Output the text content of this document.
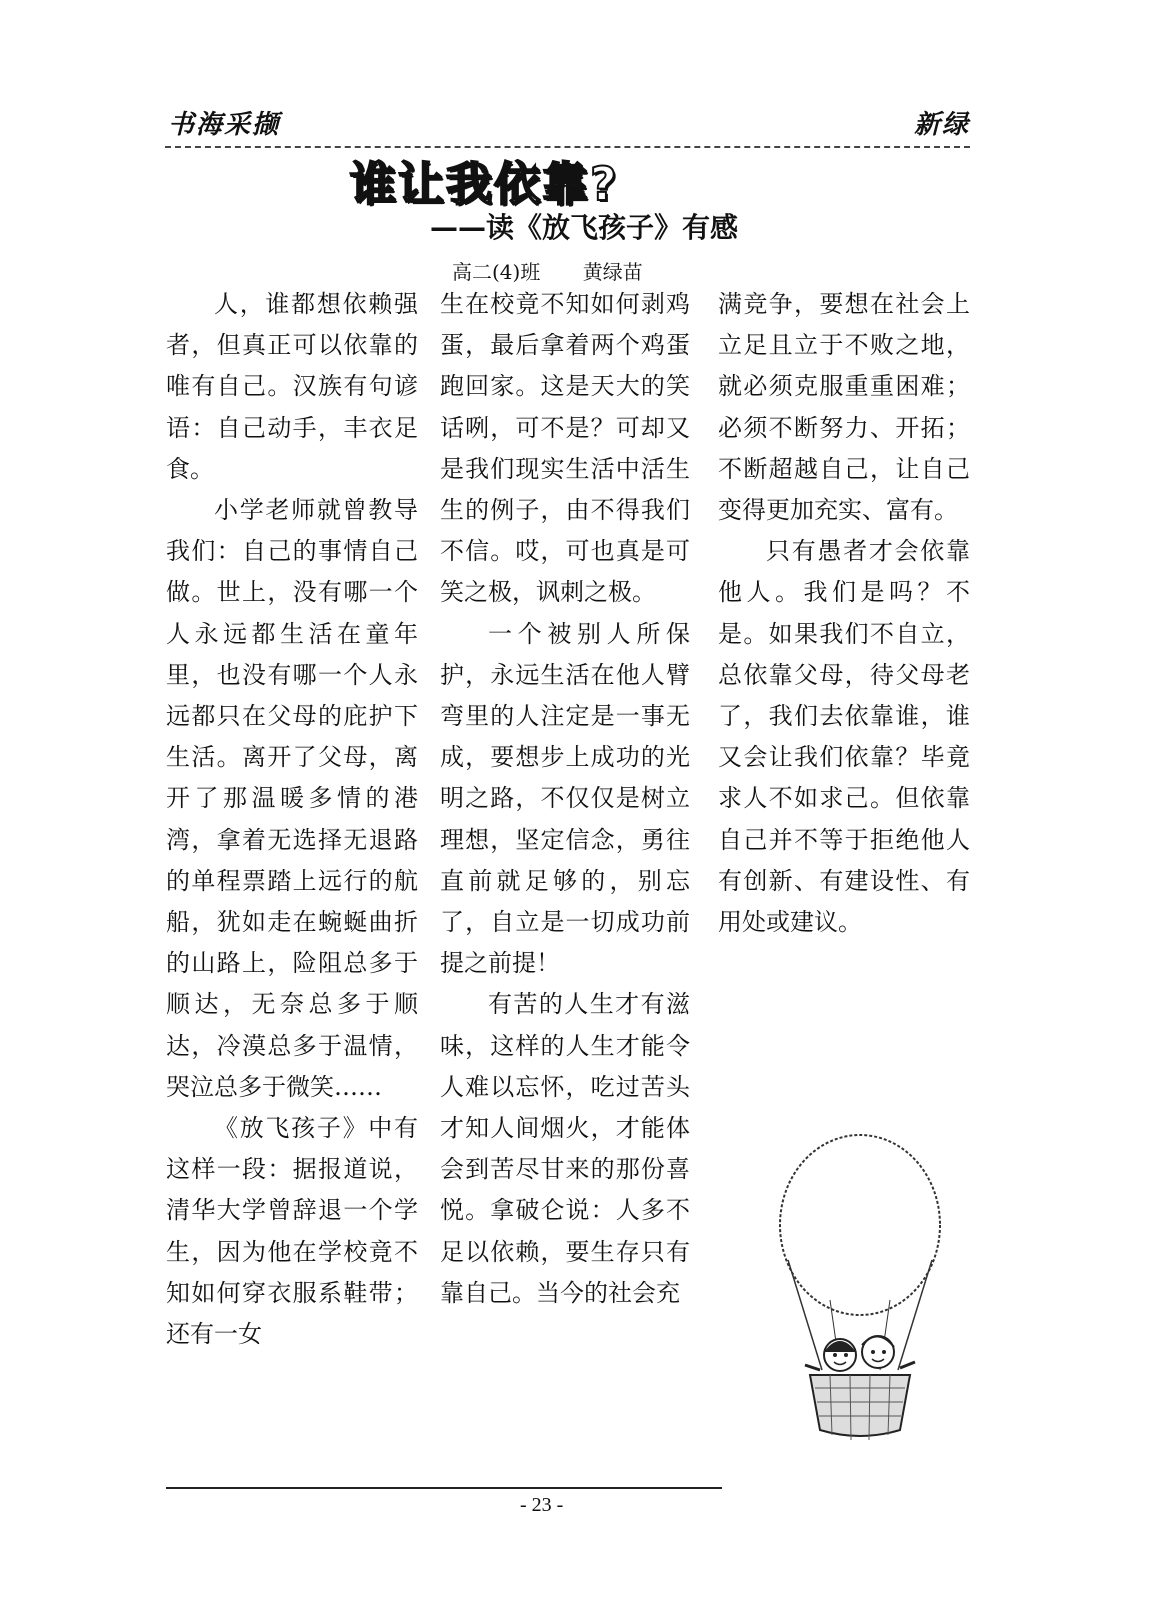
书海采撷	新绿
谁让我依靠?
——读《放飞孩子》有感
高二(4)班 黄绿苗

人，谁都想依赖强者，但真正可以依靠的唯有自己。汉族有句谚语：自己动手，丰衣足食。

小学老师就曾教导我们：自己的事情自己做。世上，没有哪一个人永远都生活在童年里，也没有哪一个人永远都只在父母的庇护下生活。离开了父母，离开了那温暖多情的港湾，拿着无选择无退路的单程票踏上远行的航船，犹如走在蜿蜒曲折的山路上，险阻总多于顺达，无奈总多于顺达，冷漠总多于温情，哭泣总多于微笑……

《放飞孩子》中有这样一段：据报道说，清华大学曾辞退一个学生，因为他在学校竟不知如何穿衣服系鞋带；还有一女

生在校竟不知如何剥鸡蛋，最后拿着两个鸡蛋跑回家。这是天大的笑话咧，可不是？可却又是我们现实生活中活生生的例子，由不得我们不信。哎，可也真是可笑之极，讽刺之极。

一个被别人所保护，永远生活在他人臂弯里的人注定是一事无成，要想步上成功的光明之路，不仅仅是树立理想，坚定信念，勇往直前就足够的，别忘了，自立是一切成功前提之前提！

有苦的人生才有滋味，这样的人生才能令人难以忘怀，吃过苦头才知人间烟火，才能体会到苦尽甘来的那份喜悦。拿破仑说：人多不足以依赖，要生存只有靠自己。当今的社会充

满竞争，要想在社会上立足且立于不败之地，就必须克服重重困难；必须不断努力、开拓；不断超越自己，让自己变得更加充实、富有。

只有愚者才会依靠他人。我们是吗？不是。如果我们不自立，总依靠父母，待父母老了，我们去依靠谁，谁又会让我们依靠？毕竟求人不如求己。但依靠自己并不等于拒绝他人有创新、有建设性、有用处或建议。

- 23 -
